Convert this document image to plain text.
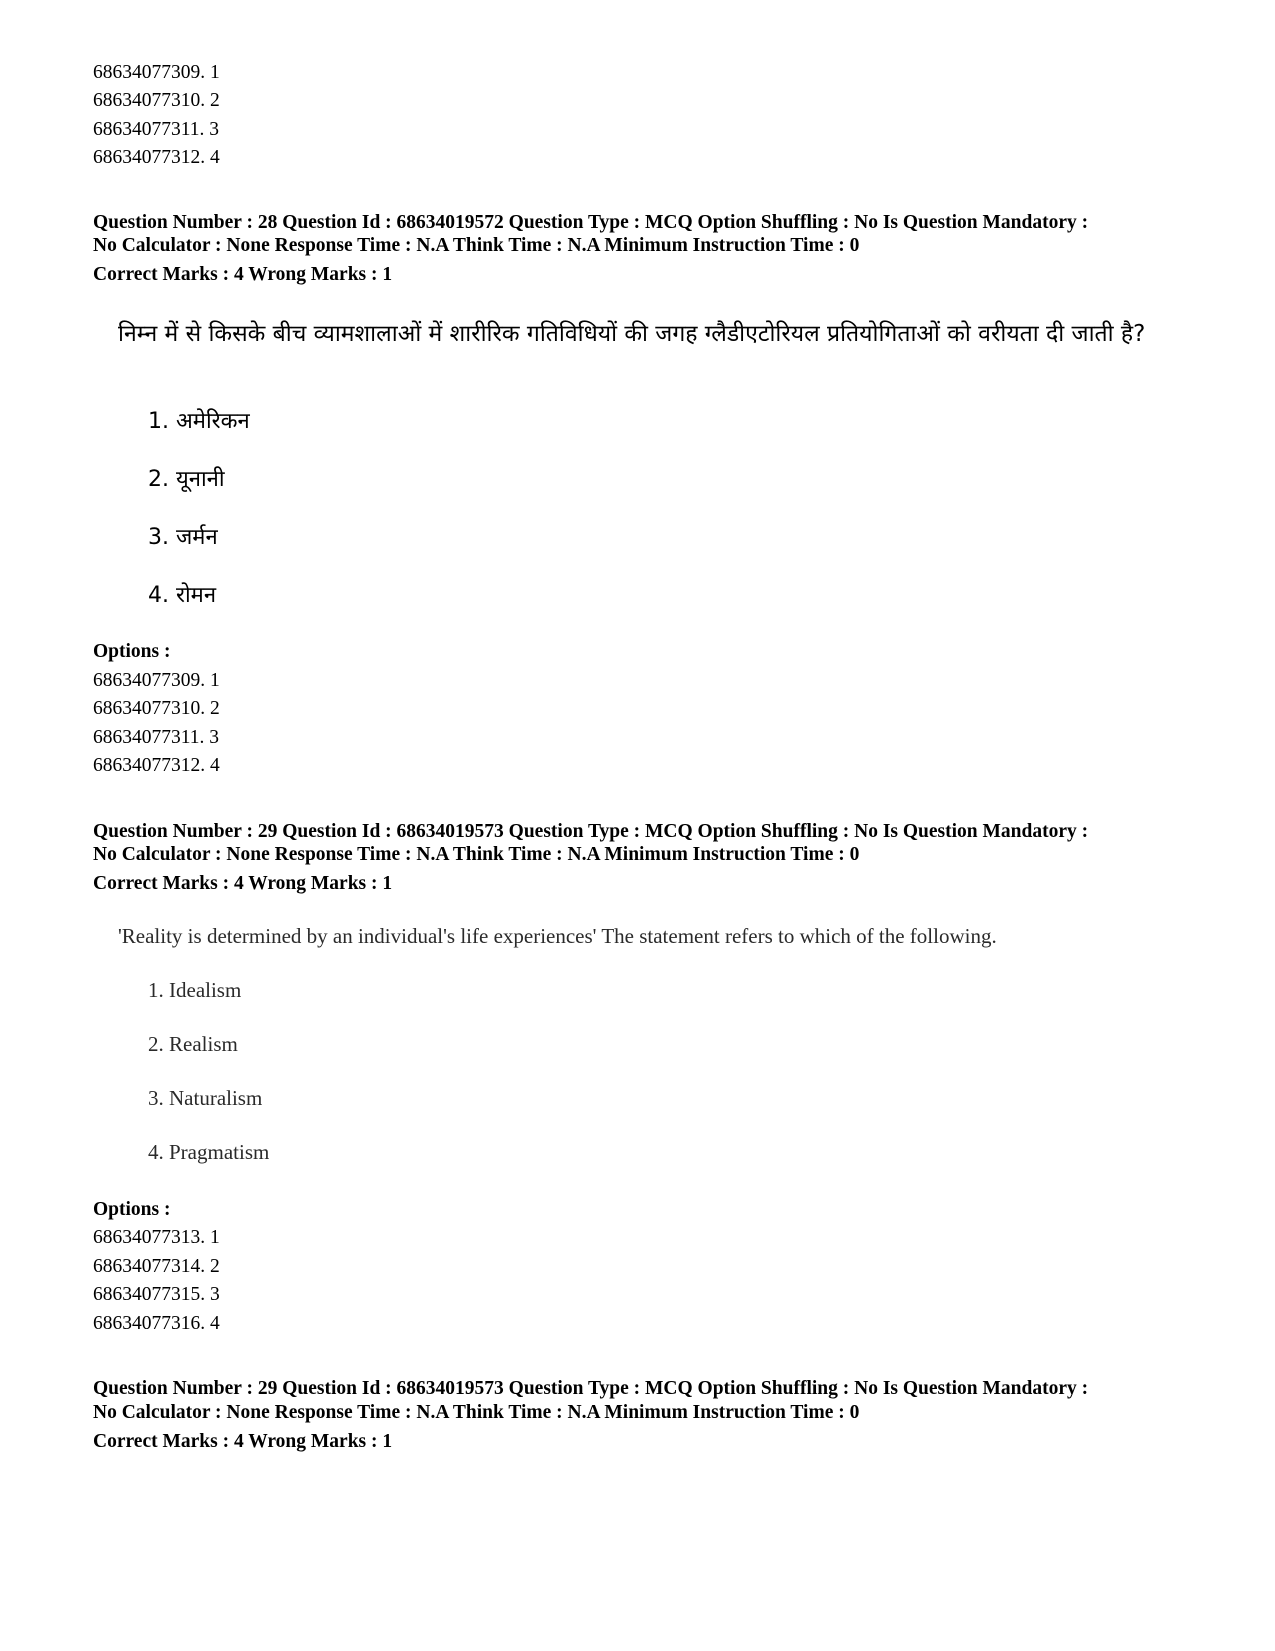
68634077309. 1
68634077310. 2
68634077311. 3
68634077312. 4
Question Number : 28 Question Id : 68634019572 Question Type : MCQ Option Shuffling : No Is Question Mandatory :
No Calculator : None Response Time : N.A Think Time : N.A Minimum Instruction Time : 0
Correct Marks : 4 Wrong Marks : 1
निम्न में से किसके बीच व्यामशालाओं में शारीरिक गतिविधियों की जगह ग्लैडीएटोरियल प्रतियोगिताओं को वरीयता दी जाती है?
1. अमेरिकन
2. यूनानी
3. जर्मन
4. रोमन
Options :
68634077309. 1
68634077310. 2
68634077311. 3
68634077312. 4
Question Number : 29 Question Id : 68634019573 Question Type : MCQ Option Shuffling : No Is Question Mandatory :
No Calculator : None Response Time : N.A Think Time : N.A Minimum Instruction Time : 0
Correct Marks : 4 Wrong Marks : 1
'Reality is determined by an individual's life experiences' The statement refers to which of the following.
1. Idealism
2. Realism
3. Naturalism
4. Pragmatism
Options :
68634077313. 1
68634077314. 2
68634077315. 3
68634077316. 4
Question Number : 29 Question Id : 68634019573 Question Type : MCQ Option Shuffling : No Is Question Mandatory :
No Calculator : None Response Time : N.A Think Time : N.A Minimum Instruction Time : 0
Correct Marks : 4 Wrong Marks : 1
